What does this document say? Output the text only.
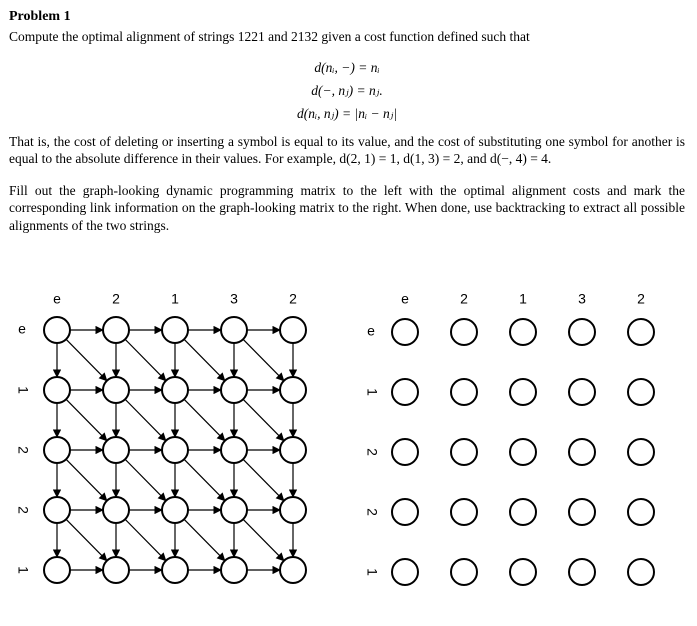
Problem 1

Compute the optimal alignment of strings 1221 and 2132 given a cost function defined such that

d(nᵢ, −) = nᵢ
d(−, nⱼ) = nⱼ.
d(nᵢ, nⱼ) = |nᵢ − nⱼ|

That is, the cost of deleting or inserting a symbol is equal to its value, and the cost of substituting one symbol for another is equal to the absolute difference in their values. For example, d(2, 1) = 1, d(1, 3) = 2, and d(−, 4) = 4.

Fill out the graph-looking dynamic programming matrix to the left with the optimal alignment costs and mark the corresponding link information on the graph-looking matrix to the right. When done, use backtracking to extract all possible alignments of the two strings.

e	2	1	3	2
e
1
2
2
1
e	2	1	3	2
e
1
2
2
1
